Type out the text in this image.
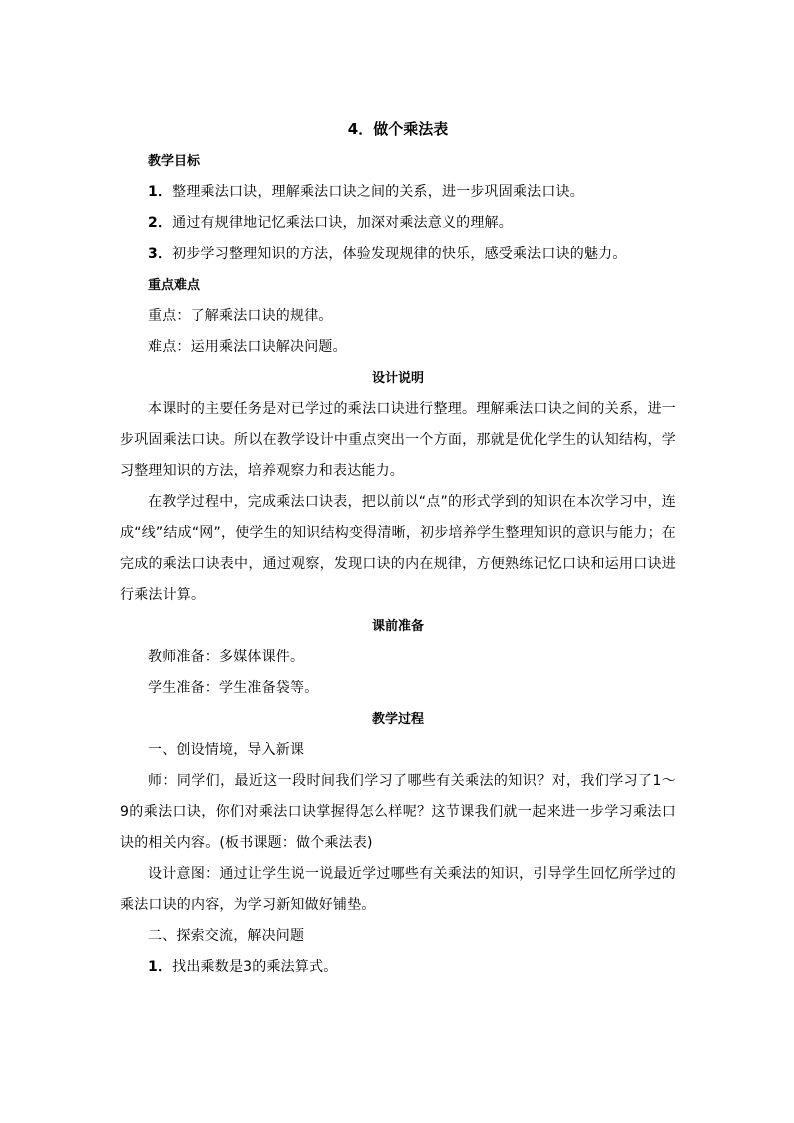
4．做个乘法表
教学目标

1．整理乘法口诀，理解乘法口诀之间的关系，进一步巩固乘法口诀。

2．通过有规律地记忆乘法口诀，加深对乘法意义的理解。

3．初步学习整理知识的方法，体验发现规律的快乐，感受乘法口诀的魅力。

重点难点

重点：了解乘法口诀的规律。

难点：运用乘法口诀解决问题。

设计说明

本课时的主要任务是对已学过的乘法口诀进行整理。理解乘法口诀之间的关系，进一步巩固乘法口诀。所以在教学设计中重点突出一个方面，那就是优化学生的认知结构，学习整理知识的方法，培养观察力和表达能力。

在教学过程中，完成乘法口诀表，把以前以“点”的形式学到的知识在本次学习中，连成“线”结成“网”，使学生的知识结构变得清晰，初步培养学生整理知识的意识与能力；在完成的乘法口诀表中，通过观察，发现口诀的内在规律，方便熟练记忆口诀和运用口诀进行乘法计算。

课前准备

教师准备：多媒体课件。

学生准备：学生准备袋等。

教学过程

一、创设情境，导入新课

师：同学们，最近这一段时间我们学习了哪些有关乘法的知识？对，我们学习了1～9的乘法口诀，你们对乘法口诀掌握得怎么样呢？这节课我们就一起来进一步学习乘法口诀的相关内容。(板书课题：做个乘法表)

设计意图：通过让学生说一说最近学过哪些有关乘法的知识，引导学生回忆所学过的乘法口诀的内容，为学习新知做好铺垫。

二、探索交流，解决问题

1．找出乘数是3的乘法算式。
